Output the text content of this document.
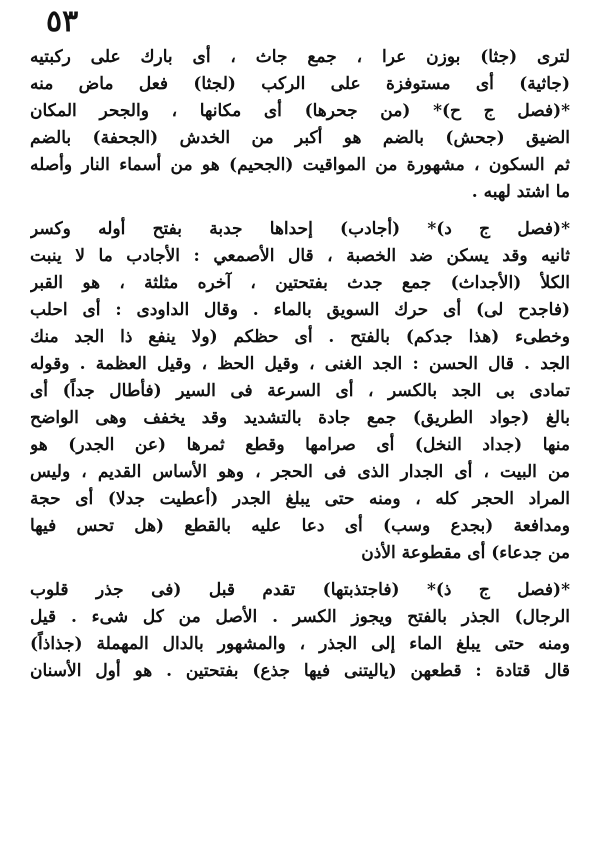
٥٣
لترى (جثا) بوزن عرا ، جمع جاث ، أى بارك على ركبتيه
(جاثية) أى مستوفزة على الركب (لجثا) فعل ماض منه
*(فصل ج ح)* (من جحرها) أى مكانها ، والجحر المكان
الضيق (جحش) بالضم هو أكبر من الخدش (الجحفة) بالضم
ثم السكون ، مشهورة من المواقيت (الجحيم) هو من أسماء النار وأصله
ما اشتد لهبه .
*(فصل ج د)* (أجادب) إحداها جدبة بفتح أوله وكسر
ثانيه وقد يسكن ضد الخصبة ، قال الأصمعي : الأجادب ما لا ينبت
الكلأ (الأجداث) جمع جدث بفتحتين ، آخره مثلثة ، هو القبر
(فاجدح لى) أى حرك السويق بالماء . وقال الداودى : أى احلب
وخطىء (هذا جدكم) بالفتح . أى حظكم (ولا ينفع ذا الجد منك
الجد . قال الحسن : الجد الغنى ، وقيل الحظ ، وقيل العظمة . وقوله
تمادى بى الجد بالكسر ، أى السرعة فى السير (فأطال جداً) أى
بالغ (جواد الطريق) جمع جادة بالتشديد وقد يخفف وهى الواضح
منها (جداد النخل) أى صرامها وقطع ثمرها (عن الجدر) هو
من البيت ، أى الجدار الذى فى الحجر ، وهو الأساس القديم ، وليس
المراد الحجر كله ، ومنه حتى يبلغ الجدر (أعطيت جدلا) أى حجة
ومدافعة (بجدع وسب) أى دعا عليه بالقطع (هل تحس فيها
من جدعاء) أى مقطوعة الأذن
*(فصل ج ذ)* (فاجتذبتها) تقدم قبل (فى جذر قلوب
الرجال) الجذر بالفتح ويجوز الكسر . الأصل من كل شىء . قيل
ومنه حتى يبلغ الماء إلى الجذر ، والمشهور بالدال المهملة (جذاذاً)
قال قتادة : قطعهن (ياليتنى فيها جذع) بفتحتين . هو أول الأسنان
